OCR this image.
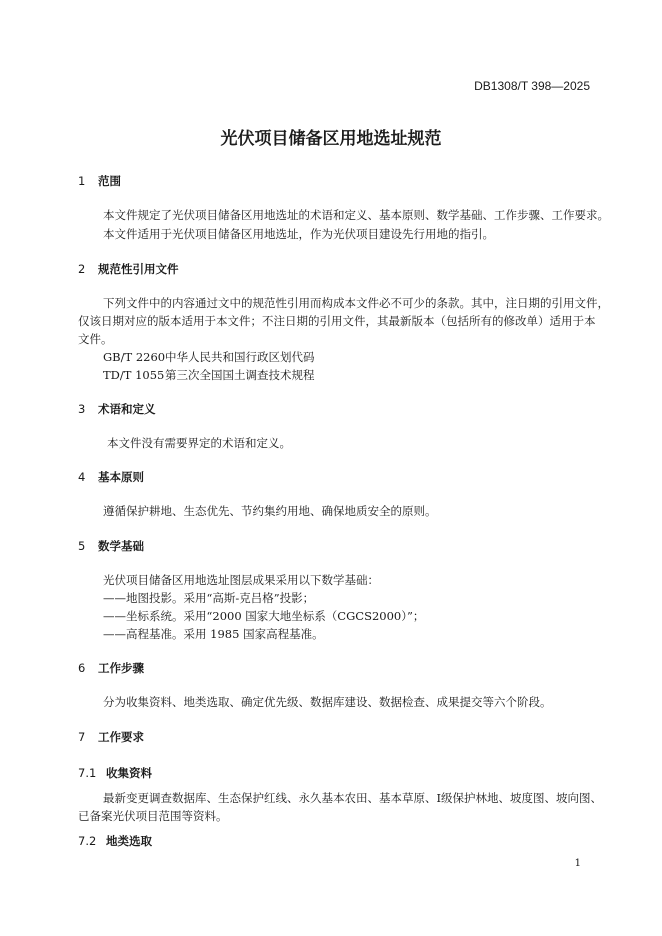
DB1308/T 398—2025
光伏项目储备区用地选址规范
1 范围
本文件规定了光伏项目储备区用地选址的术语和定义、基本原则、数学基础、工作步骤、工作要求。
本文件适用于光伏项目储备区用地选址，作为光伏项目建设先行用地的指引。
2 规范性引用文件
下列文件中的内容通过文中的规范性引用而构成本文件必不可少的条款。其中，注日期的引用文件，
仅该日期对应的版本适用于本文件；不注日期的引用文件，其最新版本（包括所有的修改单）适用于本
文件。
GB/T 2260中华人民共和国行政区划代码
TD/T 1055第三次全国国土调查技术规程
3 术语和定义
本文件没有需要界定的术语和定义。
4 基本原则
遵循保护耕地、生态优先、节约集约用地、确保地质安全的原则。
5 数学基础
光伏项目储备区用地选址图层成果采用以下数学基础：
——地图投影。采用“高斯-克吕格”投影；
——坐标系统。采用“2000 国家大地坐标系（CGCS2000）”；
——高程基准。采用 1985 国家高程基准。
6 工作步骤
分为收集资料、地类选取、确定优先级、数据库建设、数据检查、成果提交等六个阶段。
7 工作要求
7.1 收集资料
最新变更调查数据库、生态保护红线、永久基本农田、基本草原、Ⅰ级保护林地、坡度图、坡向图、
已备案光伏项目范围等资料。
7.2 地类选取
1
